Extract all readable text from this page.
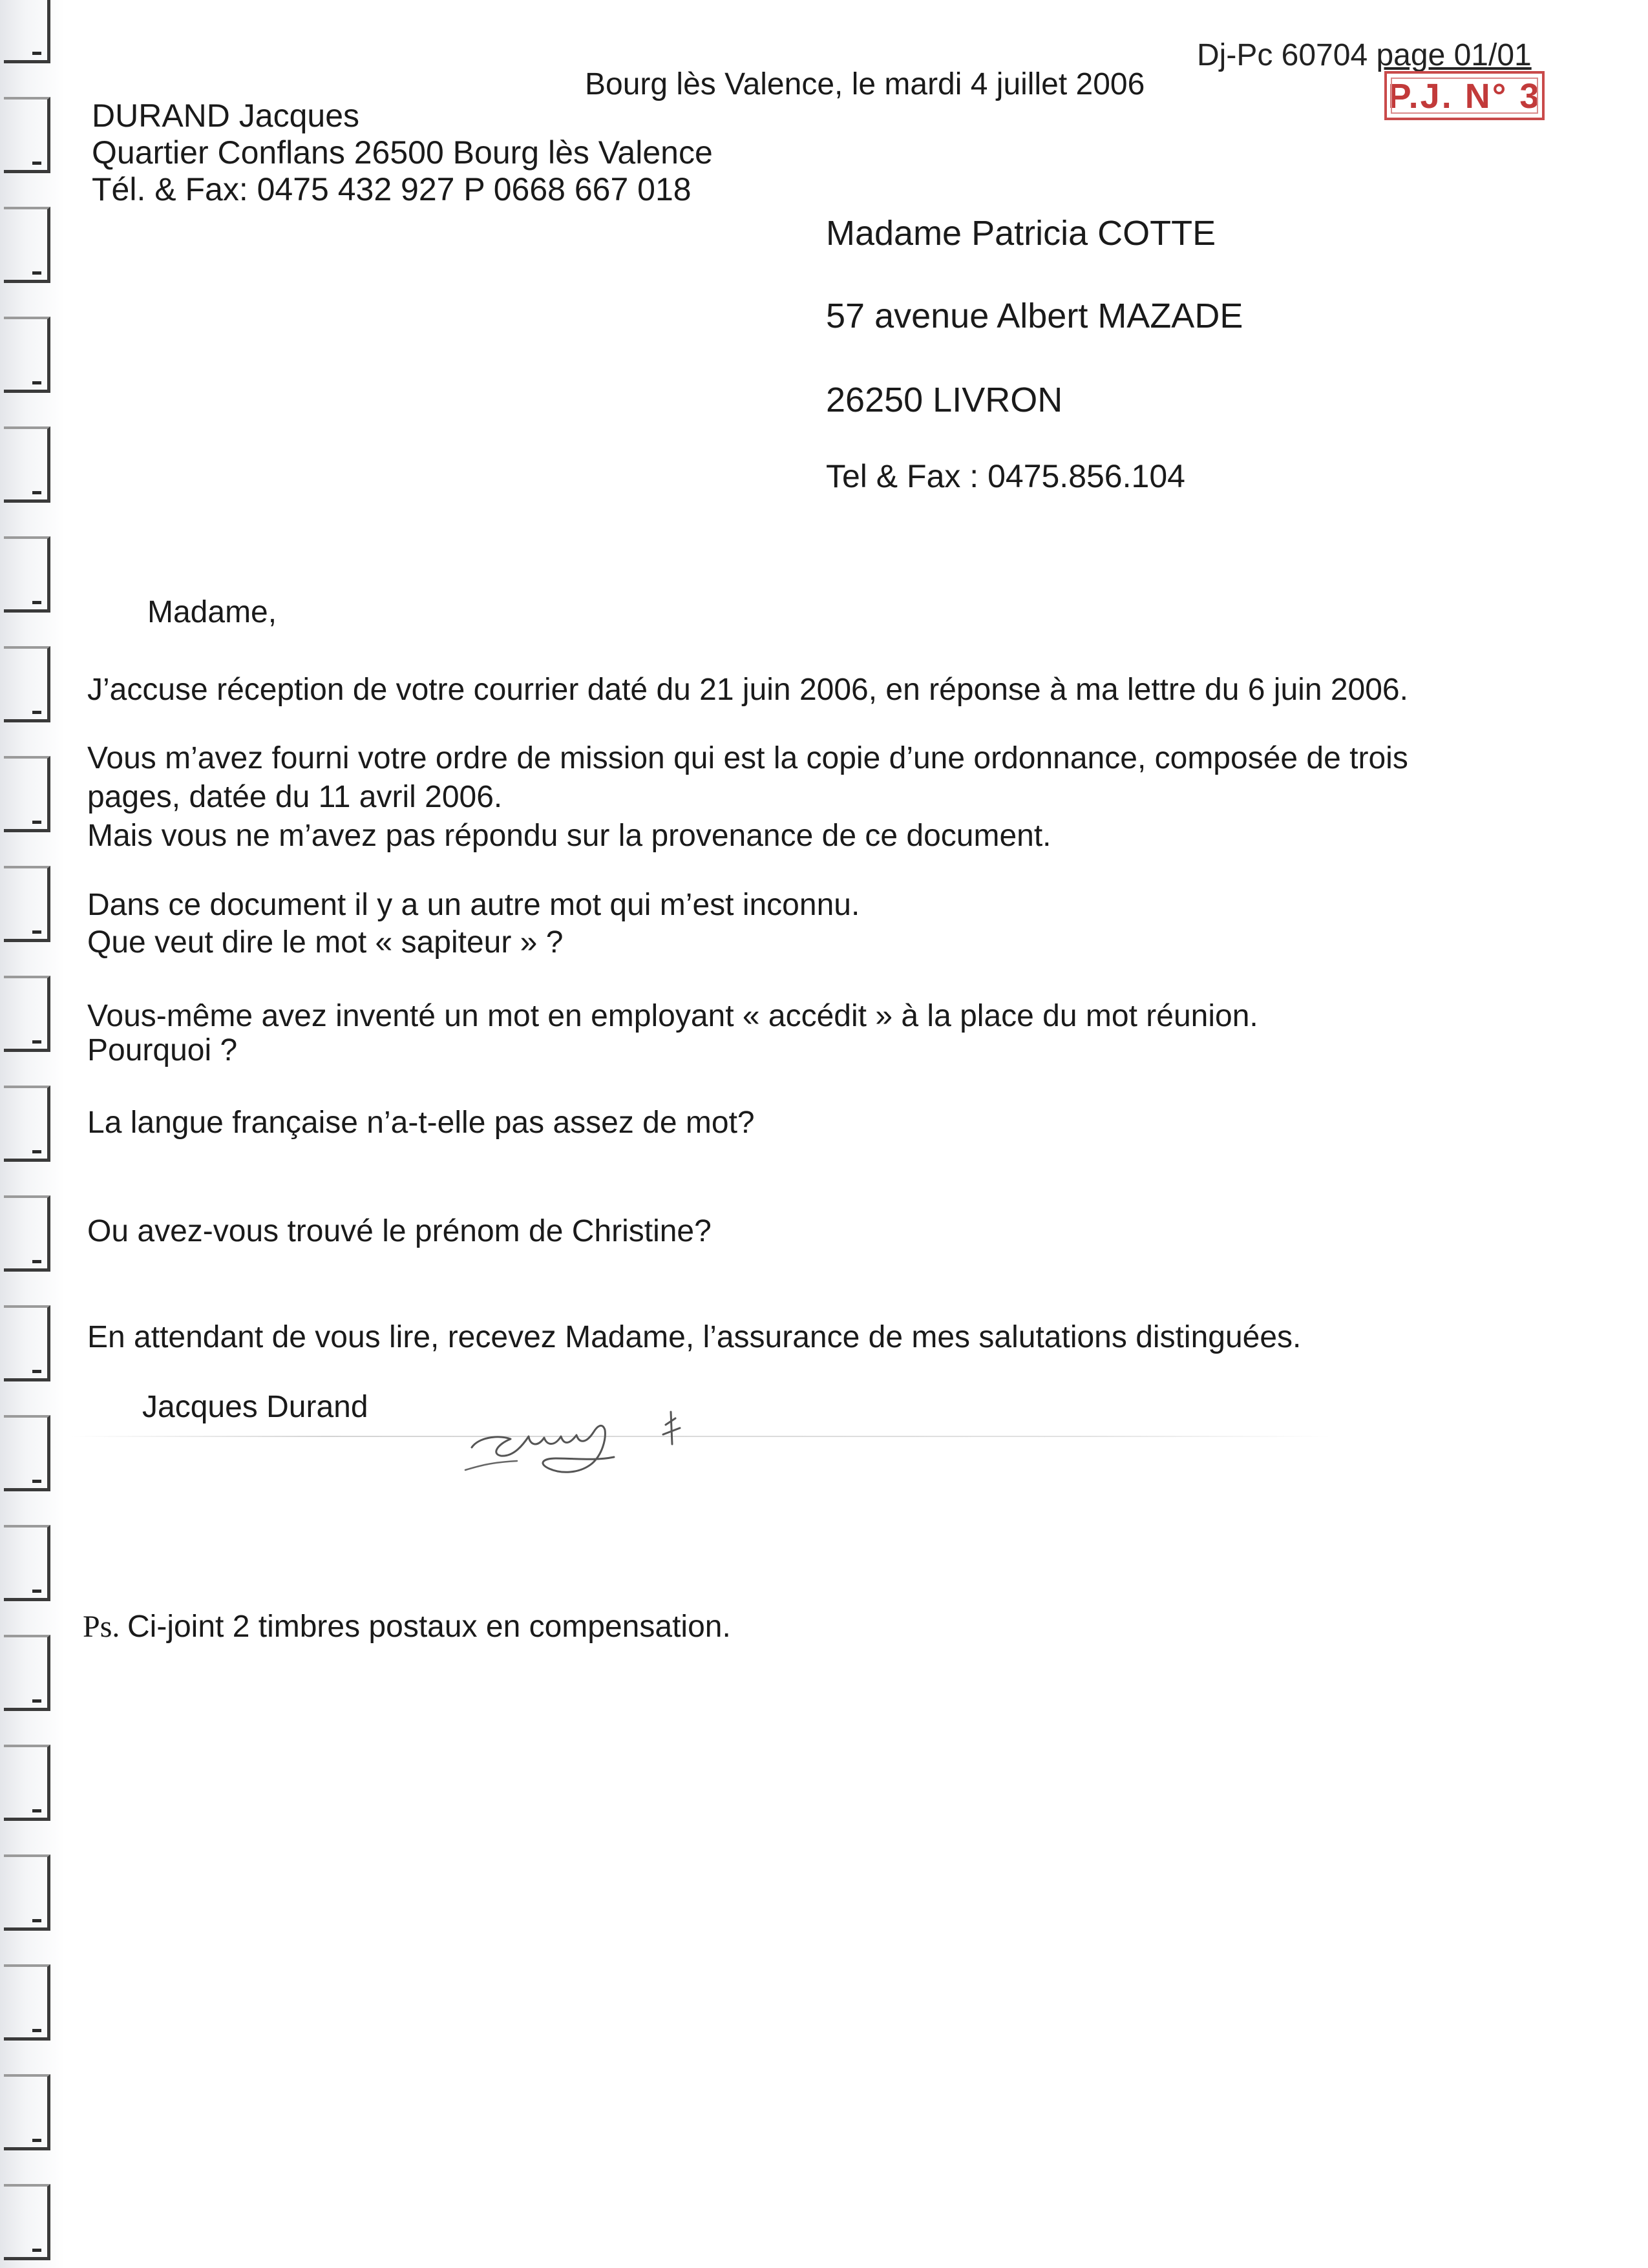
Dj-Pc 60704 page 01/01
P.J. N° 3
Bourg lès Valence, le mardi 4 juillet 2006
DURAND Jacques
Quartier Conflans 26500 Bourg lès Valence
Tél. & Fax: 0475 432 927 P 0668 667 018
Madame Patricia COTTE
57 avenue Albert MAZADE
26250 LIVRON
Tel & Fax : 0475.856.104
Madame,
J’accuse réception de votre courrier daté du 21 juin 2006, en réponse à ma lettre du 6 juin 2006.
Vous m’avez fourni votre ordre de mission qui est la copie d’une ordonnance, composée de trois
pages, datée du 11 avril 2006.
Mais vous ne m’avez pas répondu sur la provenance de ce document.
Dans ce document il y a un autre mot qui m’est inconnu.
Que veut dire le mot « sapiteur » ?
Vous-même avez inventé un mot en employant « accédit » à la place du mot réunion.
Pourquoi ?
La langue française n’a-t-elle pas assez de mot?
Ou avez-vous trouvé le prénom de Christine?
En attendant de vous lire, recevez Madame, l’assurance de mes salutations distinguées.
Jacques Durand
Ps. Ci-joint 2 timbres postaux en compensation.
